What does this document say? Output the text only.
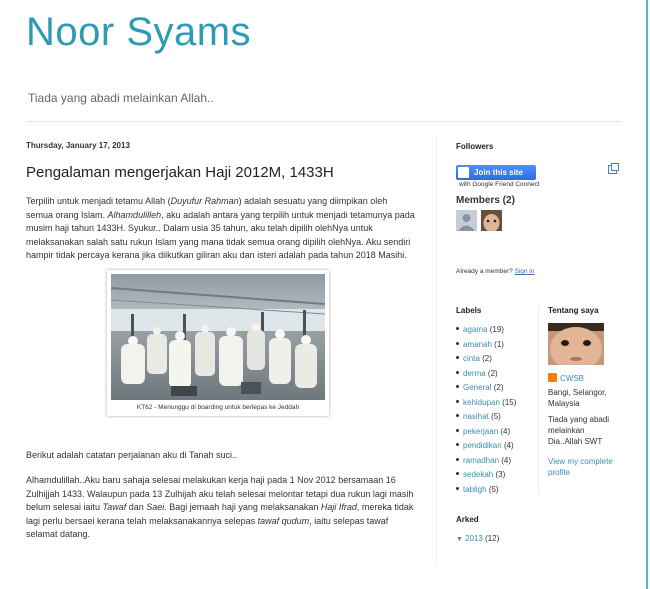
Noor Syams
Tiada yang abadi melainkan Allah..
Thursday, January 17, 2013
Pengalaman mengerjakan Haji 2012M, 1433H

Terpilih untuk menjadi tetamu Allah (Duyufur Rahman) adalah sesuatu yang diimpikan oleh semua orang Islam. Alhamdulilleh, aku adalah antara yang terpilih untuk menjadi tetamunya pada musim haji tahun 1433H. Syukur.. Dalam usia 35 tahun, aku telah dipilih olehNya untuk melaksanakan salah satu rukun Islam yang mana tidak semua orang dipilih olehNya. Aku sendiri hampir tidak percaya kerana jika diikutkan giliran aku dan isteri adalah pada tahun 2018 Masihi.

KT62 - Menunggu di boarding untuk berlepas ke Jeddah

Berikut adalah catatan perjalanan aku di Tanah suci..

Alhamdulillah..Aku baru sahaja selesai melakukan kerja haji pada 1 Nov 2012 bersamaan 16 Zulhijjah 1433. Walaupun pada 13 Zulhijah aku telah selesai melontar tetapi dua rukun lagi masih belum selesai iaitu Tawaf dan Saei. Bagi jemaah haji yang melaksanakan Haji Ifrad, mereka tidak lagi perlu bersaei kerana telah melaksanakannya selepas tawaf qudum, iaitu selepas tawaf selamat datang.

Followers
Join this site
with Google Friend Connect
Members (2)
Already a member? Sign in
Labels
agama (19)
amanah (1)
cinta (2)
derma (2)
General (2)
kehidupan (15)
nasihat (5)
pekerjaan (4)
pendidikan (4)
ramadhan (4)
sedekah (3)
tabligh (5)
Tentang saya
CWSB
Bangi, Selangor,
Malaysia
Tiada yang abadi
melainkan
Dia..Allah SWT
View my complete profile
Arked
▼ 2013 (12)
